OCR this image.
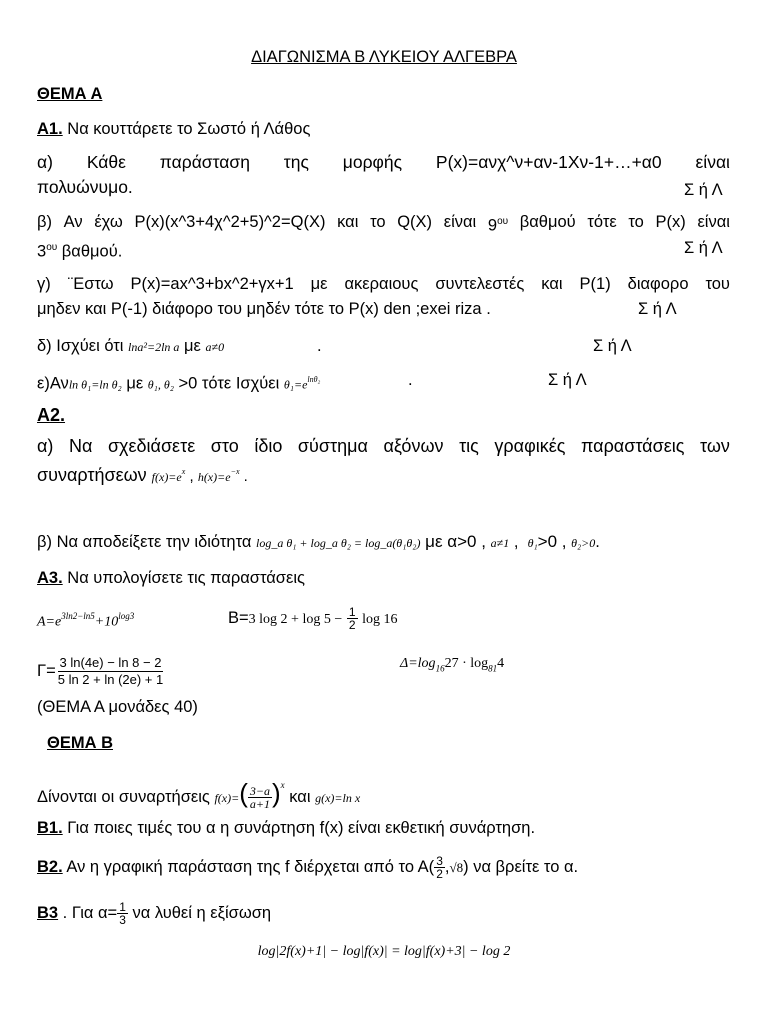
ΔΙΑΓΩΝΙΣΜΑ Β ΛΥΚΕΙΟΥ ΑΛΓΕΒΡΑ
ΘΕΜΑ Α
Α1. Να κουττάρετε το Σωστό ή Λάθος
α) Κάθε παράσταση της μορφής P(x)=ανχ^ν+αν-1Χν-1+…+α0 είναι
πολυώνυμο.	Σ ή Λ
β) Αν έχω P(x)(x^3+4χ^2+5)^2=Q(X) και το Q(X) είναι $9^{o\upsilon}$ βαθμού τότε το P(x) είναι
$3^{o\upsilon}$ βαθμού.	Σ ή Λ
γ) ¨Εστω P(x)=ax^3+bx^2+γx+1 με ακεραιους συντελεστές και P(1) διαφορο του
μηδεν και P(-1) διάφορο του μηδέν τότε το P(x) den ;exei riza .	Σ ή Λ
δ) Ισχύει ότι lna²=2ln a με a≠0	.	Σ ή Λ
ε)Ανln θ₁=ln θ₂ με θ₁, θ₂ >0 τότε Ισχύει $\theta_1=e^{ln\theta_2}$	.	Σ ή Λ
Α2.
α) Να σχεδιάσετε στο ίδιο σύστημα αξόνων τις γραφικές παραστάσεις των
συναρτήσεων $f(x)=e^x$ , $h(x)=e^{-x}$ .
β) Να αποδείξετε την ιδιότητα log_a θ₁ + log_a θ₂ = log_a(θ₁θ₂) με α>0 , a≠1 ,  θ₁>0 , θ₂>0.
Α3. Να υπολογίσετε τις παραστάσεις
$A=e^{3ln2-ln5}+10^{log3}$	Β=3 $\log 2 + \log 5 - \frac{1}{2}$ log 16
$\Gamma= \frac{3 \ln(4e) - \ln 8 - 2}{5 \ln 2 + \ln (2e) + 1}$	$\Delta=\log_{16}27 \cdot \log_{81}4$
(ΘΕΜΑ Α μονάδες 40)
ΘΕΜΑ Β
Δίνονται οι συναρτήσεις $f(x)=( \frac{3-a}{a+1} )^x$ και g(x)=ln x
Β1. Για ποιες τιμές του α η συνάρτηση f(x) είναι εκθετική συνάρτηση.
Β2. Αν η γραφική παράσταση της f διέρχεται από το $A( \frac{3}{2} ,√8)$ να βρείτε το α.
Β3 . Για $\alpha= \frac{1}{3}$ να λυθεί η εξίσωση
log|2f(x)+1| − log|f(x)| = log|f(x)+3| − log 2
